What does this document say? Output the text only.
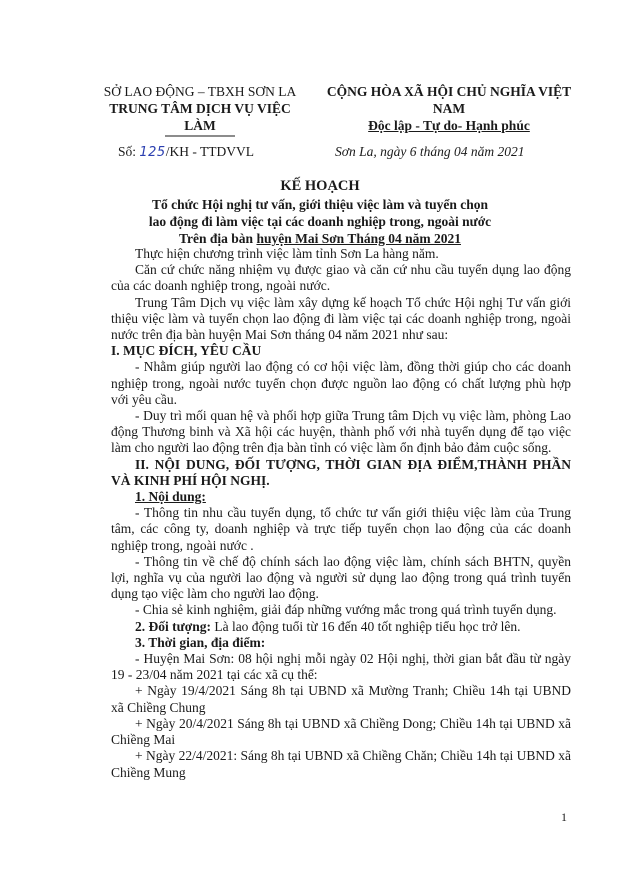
SỞ LAO ĐỘNG – TBXH SƠN LA
TRUNG TÂM DỊCH VỤ VIỆC LÀM
CỘNG HÒA XÃ HỘI CHỦ NGHĨA VIỆT NAM
Độc lập - Tự do- Hạnh phúc
Số: 125/KH - TTDVVL	Sơn La, ngày 6 tháng 04 năm 2021
KẾ HOẠCH
Tổ chức Hội nghị tư vấn, giới thiệu việc làm và tuyển chọn
lao động đi làm việc tại các doanh nghiệp trong, ngoài nước
Trên địa bàn huyện Mai Sơn Tháng 04 năm 2021

Thực hiện chương trình việc làm tỉnh Sơn La hàng năm.

Căn cứ chức năng nhiệm vụ được giao và căn cứ nhu cầu tuyển dụng lao động của các doanh nghiệp trong, ngoài nước.

Trung Tâm Dịch vụ việc làm xây dựng kế hoạch Tổ chức Hội nghị Tư vấn giới thiệu việc làm và tuyển chọn lao động đi làm việc tại các doanh nghiệp trong, ngoài nước trên địa bàn huyện Mai Sơn tháng 04 năm 2021 như sau:

I. MỤC ĐÍCH, YÊU CẦU

- Nhằm giúp người lao động có cơ hội việc làm, đồng thời giúp cho các doanh nghiệp trong, ngoài nước tuyển chọn được nguồn lao động có chất lượng phù hợp với yêu cầu.

- Duy trì mối quan hệ và phối hợp giữa Trung tâm Dịch vụ việc làm, phòng Lao động Thương binh và Xã hội các huyện, thành phố với nhà tuyển dụng để tạo việc làm cho người lao động trên địa bàn tỉnh có việc làm ổn định bảo đảm cuộc sống.

II. NỘI DUNG, ĐỐI TƯỢNG, THỜI GIAN ĐỊA ĐIỂM,THÀNH PHẦN VÀ KINH PHÍ HỘI NGHỊ.

1. Nội dung:

- Thông tin nhu cầu tuyển dụng, tổ chức tư vấn giới thiệu việc làm của Trung tâm, các công ty, doanh nghiệp và trực tiếp tuyển chọn lao động của các doanh nghiệp trong, ngoài nước .

- Thông tin về chế độ chính sách lao động việc làm, chính sách BHTN, quyền lợi, nghĩa vụ của người lao động và người sử dụng lao động trong quá trình tuyển dụng tạo việc làm cho người lao động.

- Chia sẻ kinh nghiệm, giải đáp những vướng mắc trong quá trình tuyển dụng.

2. Đối tượng: Là lao động tuổi từ 16 đến 40 tốt nghiệp tiểu học trở lên.

3. Thời gian, địa điểm:

- Huyện Mai Sơn: 08 hội nghị mỗi ngày 02 Hội nghị, thời gian bắt đầu từ ngày 19 - 23/04 năm 2021 tại các xã cụ thể:

+ Ngày 19/4/2021 Sáng 8h tại UBND xã Mường Tranh; Chiều 14h tại UBND xã Chiềng Chung

+ Ngày 20/4/2021 Sáng 8h tại UBND xã Chiềng Dong; Chiều 14h tại UBND xã Chiềng Mai

+ Ngày 22/4/2021: Sáng 8h tại UBND xã Chiềng Chăn; Chiều 14h tại UBND xã Chiềng Mung

1
